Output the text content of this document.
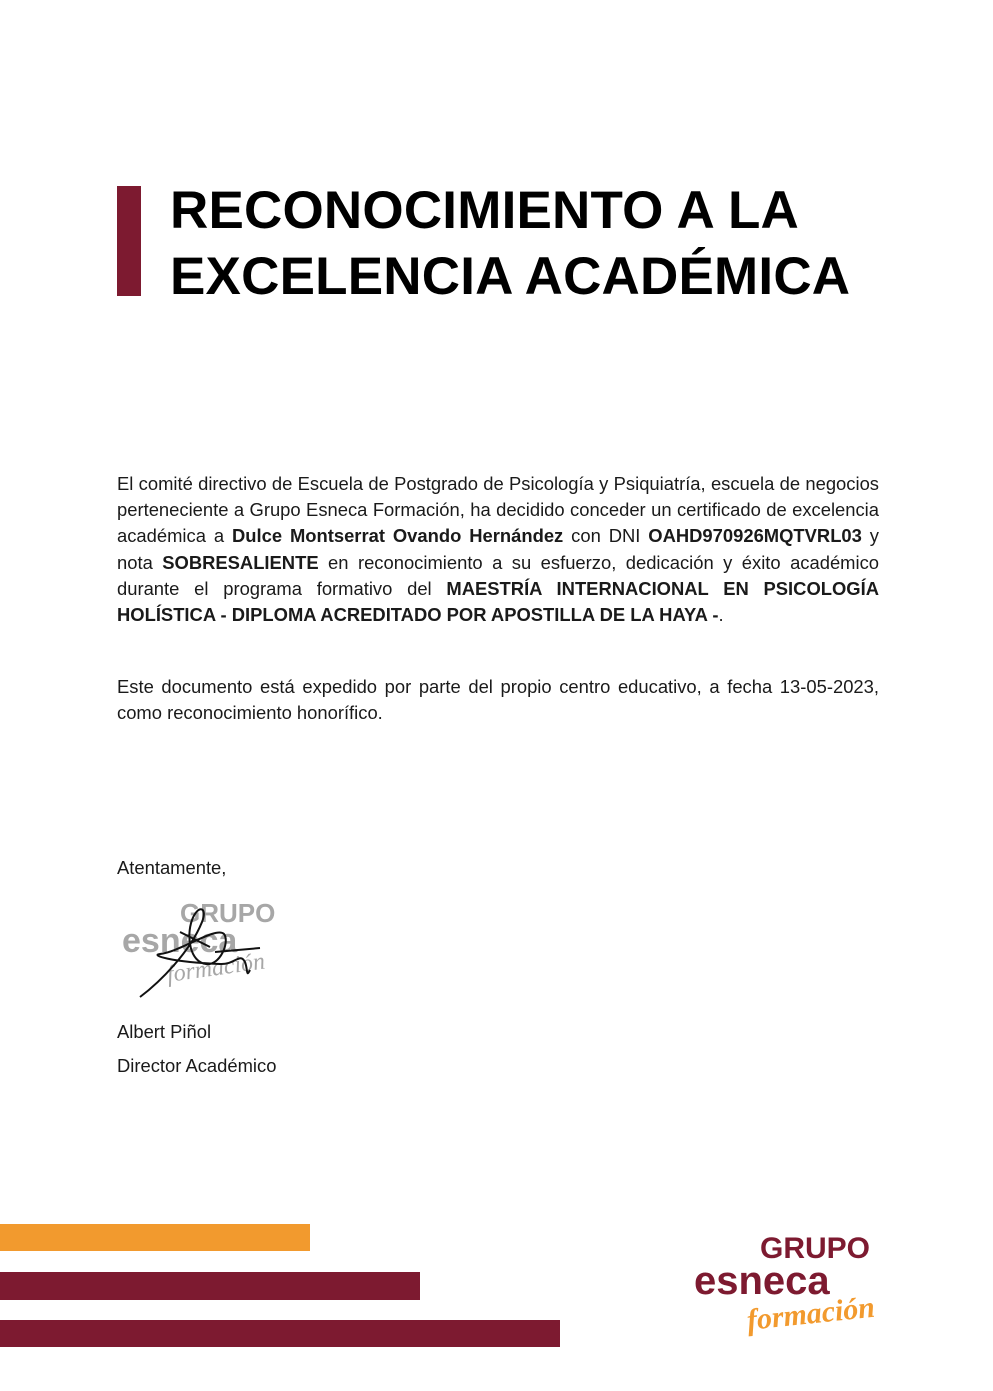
RECONOCIMIENTO A LA
EXCELENCIA ACADÉMICA

El comité directivo de Escuela de Postgrado de Psicología y Psiquiatría, escuela de negocios perteneciente a Grupo Esneca Formación, ha decidido conceder un certificado de excelencia académica a Dulce Montserrat Ovando Hernández con DNI OAHD970926MQTVRL03 y nota SOBRESALIENTE en reconocimiento a su esfuerzo, dedicación y éxito académico durante el programa formativo del MAESTRÍA INTERNACIONAL EN PSICOLOGÍA HOLÍSTICA - DIPLOMA ACREDITADO POR APOSTILLA DE LA HAYA -.

Este documento está expedido por parte del propio centro educativo, a fecha 13-05-2023, como reconocimiento honorífico.

Atentamente,
GRUPO
esneca
formación
Albert Piñol
Director Académico
GRUPO
esneca
formación
